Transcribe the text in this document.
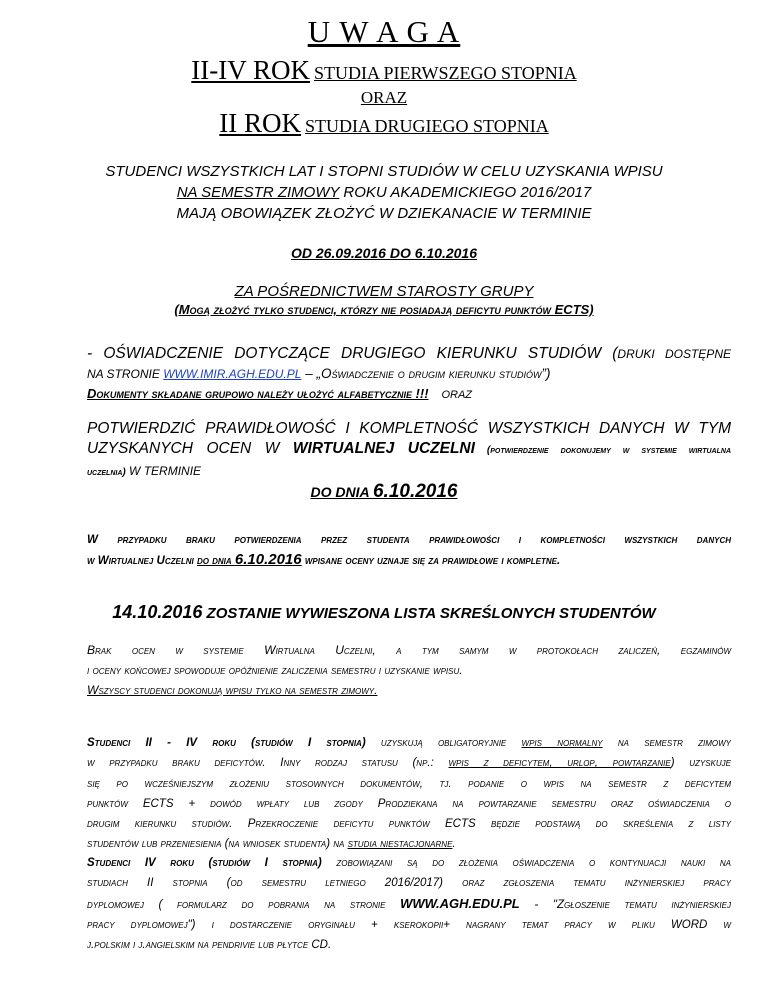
U W A G A
II-IV ROK STUDIA PIERWSZEGO STOPNIA
ORAZ
II ROK STUDIA DRUGIEGO STOPNIA
STUDENCI WSZYSTKICH LAT I STOPNI STUDIÓW W CELU UZYSKANIA WPISU
NA SEMESTR ZIMOWY ROKU AKADEMICKIEGO 2016/2017
MAJĄ OBOWIĄZEK ZŁOŻYĆ W DZIEKANACIE W TERMINIE
OD 26.09.2016 DO 6.10.2016
ZA POŚREDNICTWEM STAROSTY GRUPY
(Mogą złożyć tylko studenci, którzy nie posiadają deficytu punktów ECTS)
- OŚWIADCZENIE DOTYCZĄCE DRUGIEGO KIERUNKU STUDIÓW (DRUKI DOSTĘPNE
NA STRONIE WWW.IMIR.AGH.EDU.PL – „Oświadczenie o drugim kierunku studiów”)
Dokumenty składane grupowo należy ułożyć alfabetycznie !!! ORAZ
POTWIERDZIĆ PRAWIDŁOWOŚĆ I KOMPLETNOŚĆ WSZYSTKICH DANYCH W TYM
UZYSKANYCH OCEN W WIRTUALNEJ UCZELNI (potwierdzenie dokonujemy w systemie wirtualna
uczelnia) W TERMINIE
DO DNIA 6.10.2016
W przypadku braku potwierdzenia przez studenta prawidłowości i kompletności wszystkich danych
w Wirtualnej Uczelni do dnia 6.10.2016 wpisane oceny uznaje się za prawidłowe i kompletne.
14.10.2016 ZOSTANIE WYWIESZONA LISTA SKREŚLONYCH STUDENTÓW
Brak ocen w systemie Wirtualna Uczelni, a tym samym w protokołach zaliczeń, egzaminów
i oceny końcowej spowoduje opóźnienie zaliczenia semestru i uzyskanie wpisu.
Wszyscy studenci dokonują wpisu tylko na semestr zimowy.
Studenci II - IV roku (studiów I stopnia) uzyskują obligatoryjnie wpis normalny na semestr zimowy
w przypadku braku deficytów. Inny rodzaj statusu (np.: wpis z deficytem, urlop, powtarzanie) uzyskuje
się po wcześniejszym złożeniu stosownych dokumentów, tj. podanie o wpis na semestr z deficytem
punktów ECTS + dowód wpłaty lub zgody Prodziekana na powtarzanie semestru oraz oświadczenia o
drugim kierunku studiów. Przekroczenie deficytu punktów ECTS będzie podstawą do skreślenia z listy
studentów lub przeniesienia (na wniosek studenta) na studia niestacjonarne.
Studenci IV roku (studiów I stopnia) zobowiązani są do złożenia oświadczenia o kontynuacji nauki na
studiach II stopnia (od semestru letniego 2016/2017) oraz zgłoszenia tematu inżynierskiej pracy
dyplomowej ( formularz do pobrania na stronie WWW.AGH.EDU.PL - "Zgłoszenie tematu inżynierskiej
pracy dyplomowej") i dostarczenie oryginału + kserokopii+ nagrany temat pracy w pliku WORD w
j.polskim i j.angielskim na pendrivie lub płytce CD.
